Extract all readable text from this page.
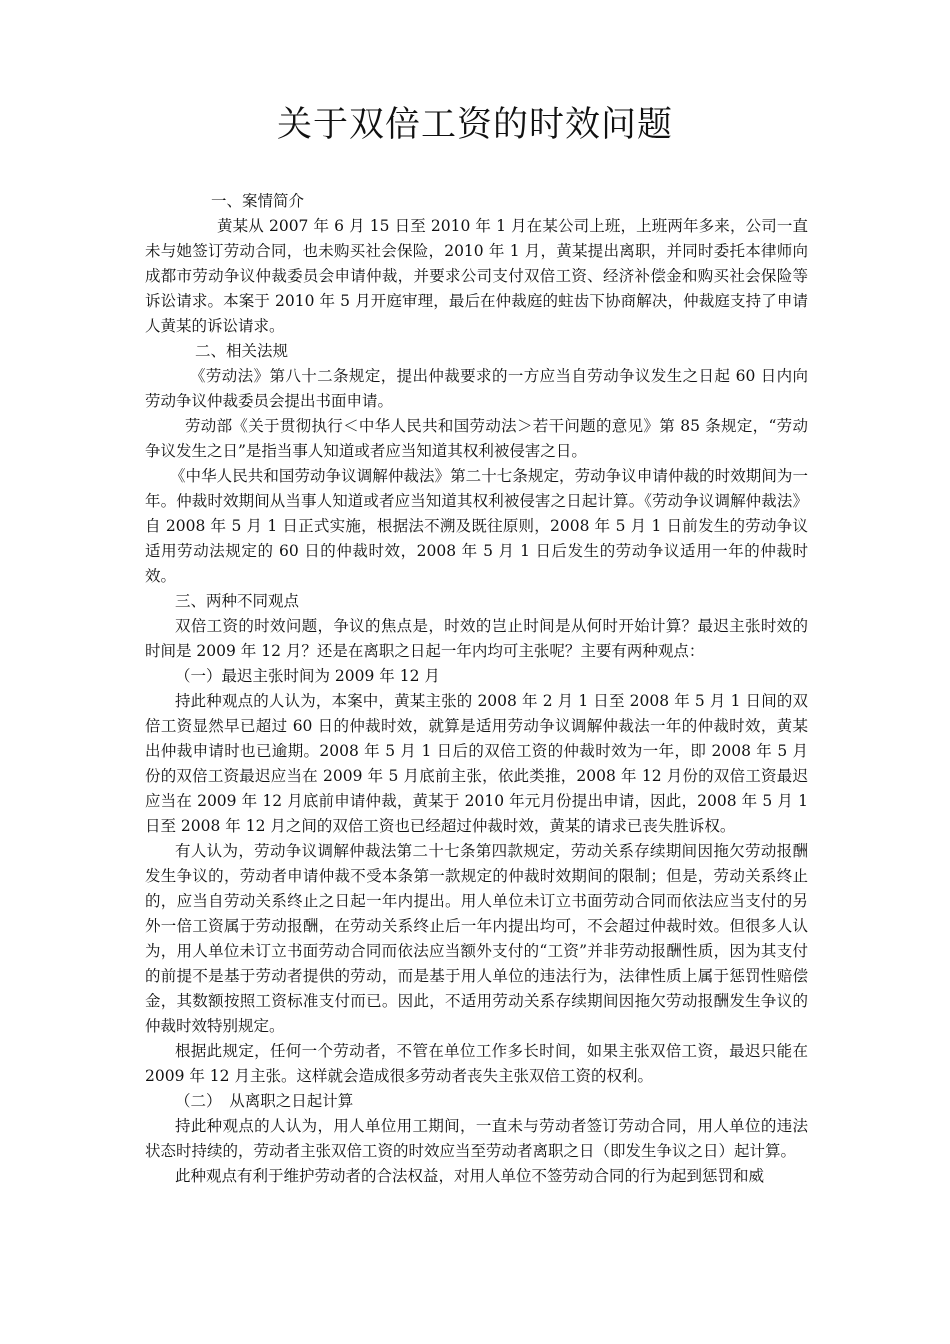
关于双倍工资的时效问题

一、案情简介

黄某从 2007 年 6 月 15 日至 2010 年 1 月在某公司上班，上班两年多来，公司一直未与她签订劳动合同，也未购买社会保险，2010 年 1 月，黄某提出离职，并同时委托本律师向成都市劳动争议仲裁委员会申请仲裁，并要求公司支付双倍工资、经济补偿金和购买社会保险等诉讼请求。本案于 2010 年 5 月开庭审理，最后在仲裁庭的蛀齿下协商解决，仲裁庭支持了申请人黄某的诉讼请求。

二、相关法规

《劳动法》第八十二条规定，提出仲裁要求的一方应当自劳动争议发生之日起 60 日内向劳动争议仲裁委员会提出书面申请。

劳动部《关于贯彻执行＜中华人民共和国劳动法＞若干问题的意见》第 85 条规定，“劳动争议发生之日”是指当事人知道或者应当知道其权利被侵害之日。

《中华人民共和国劳动争议调解仲裁法》第二十七条规定，劳动争议申请仲裁的时效期间为一年。仲裁时效期间从当事人知道或者应当知道其权利被侵害之日起计算。《劳动争议调解仲裁法》自 2008 年 5 月 1 日正式实施，根据法不溯及既往原则，2008 年 5 月 1 日前发生的劳动争议适用劳动法规定的 60 日的仲裁时效，2008 年 5 月 1 日后发生的劳动争议适用一年的仲裁时效。

三、两种不同观点

双倍工资的时效问题，争议的焦点是，时效的岂止时间是从何时开始计算？最迟主张时效的时间是 2009 年 12 月？还是在离职之日起一年内均可主张呢？主要有两种观点：

（一）最迟主张时间为 2009 年 12 月

持此种观点的人认为，本案中，黄某主张的 2008 年 2 月 1 日至 2008 年 5 月 1 日间的双倍工资显然早已超过 60 日的仲裁时效，就算是适用劳动争议调解仲裁法一年的仲裁时效，黄某出仲裁申请时也已逾期。2008 年 5 月 1 日后的双倍工资的仲裁时效为一年，即 2008 年 5 月份的双倍工资最迟应当在 2009 年 5 月底前主张，依此类推，2008 年 12 月份的双倍工资最迟应当在 2009 年 12 月底前申请仲裁，黄某于 2010 年元月份提出申请，因此，2008 年 5 月 1 日至 2008 年 12 月之间的双倍工资也已经超过仲裁时效，黄某的请求已丧失胜诉权。

有人认为，劳动争议调解仲裁法第二十七条第四款规定，劳动关系存续期间因拖欠劳动报酬发生争议的，劳动者申请仲裁不受本条第一款规定的仲裁时效期间的限制；但是，劳动关系终止的，应当自劳动关系终止之日起一年内提出。用人单位未订立书面劳动合同而依法应当支付的另外一倍工资属于劳动报酬，在劳动关系终止后一年内提出均可，不会超过仲裁时效。但很多人认为，用人单位未订立书面劳动合同而依法应当额外支付的“工资”并非劳动报酬性质，因为其支付的前提不是基于劳动者提供的劳动，而是基于用人单位的违法行为，法律性质上属于惩罚性赔偿金，其数额按照工资标准支付而已。因此，不适用劳动关系存续期间因拖欠劳动报酬发生争议的仲裁时效特别规定。

根据此规定，任何一个劳动者，不管在单位工作多长时间，如果主张双倍工资，最迟只能在 2009 年 12 月主张。这样就会造成很多劳动者丧失主张双倍工资的权利。

（二）　从离职之日起计算

持此种观点的人认为，用人单位用工期间，一直未与劳动者签订劳动合同，用人单位的违法状态时持续的，劳动者主张双倍工资的时效应当至劳动者离职之日（即发生争议之日）起计算。

此种观点有利于维护劳动者的合法权益，对用人单位不签劳动合同的行为起到惩罚和威
